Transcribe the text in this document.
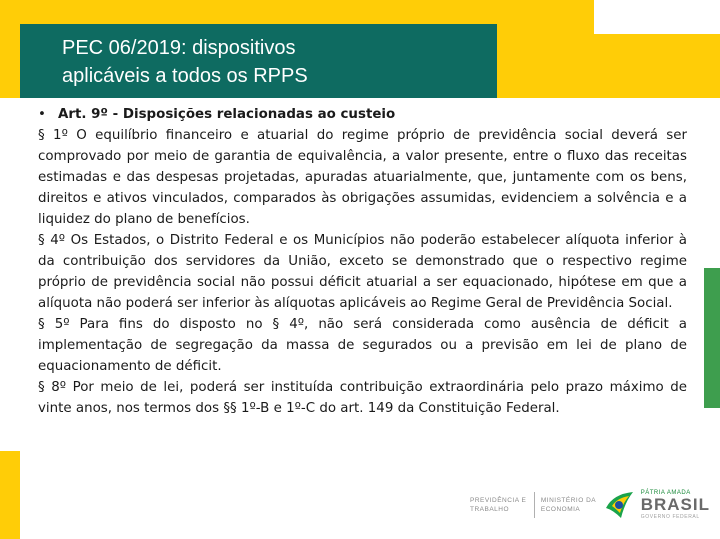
PEC 06/2019: dispositivos
aplicáveis a todos os RPPS
• Art. 9º - Disposições relacionadas ao custeio

§ 1º O equilíbrio financeiro e atuarial do regime próprio de previdência social deverá ser comprovado por meio de garantia de equivalência, a valor presente, entre o fluxo das receitas estimadas e das despesas projetadas, apuradas atuarialmente, que, juntamente com os bens, direitos e ativos vinculados, comparados às obrigações assumidas, evidenciem a solvência e a liquidez do plano de benefícios.

§ 4º Os Estados, o Distrito Federal e os Municípios não poderão estabelecer alíquota inferior à da contribuição dos servidores da União, exceto se demonstrado que o respectivo regime próprio de previdência social não possui déficit atuarial a ser equacionado, hipótese em que a alíquota não poderá ser inferior às alíquotas aplicáveis ao Regime Geral de Previdência Social.

§ 5º Para fins do disposto no § 4º, não será considerada como ausência de déficit a implementação de segregação da massa de segurados ou a previsão em lei de plano de equacionamento de déficit.

§ 8º Por meio de lei, poderá ser instituída contribuição extraordinária pelo prazo máximo de vinte anos, nos termos dos §§ 1º-B e 1º-C do art. 149 da Constituição Federal.

PREVIDÊNCIA E
TRABALHO
MINISTÉRIO DA
ECONOMIA
PÁTRIA AMADA
BRASIL
GOVERNO FEDERAL
